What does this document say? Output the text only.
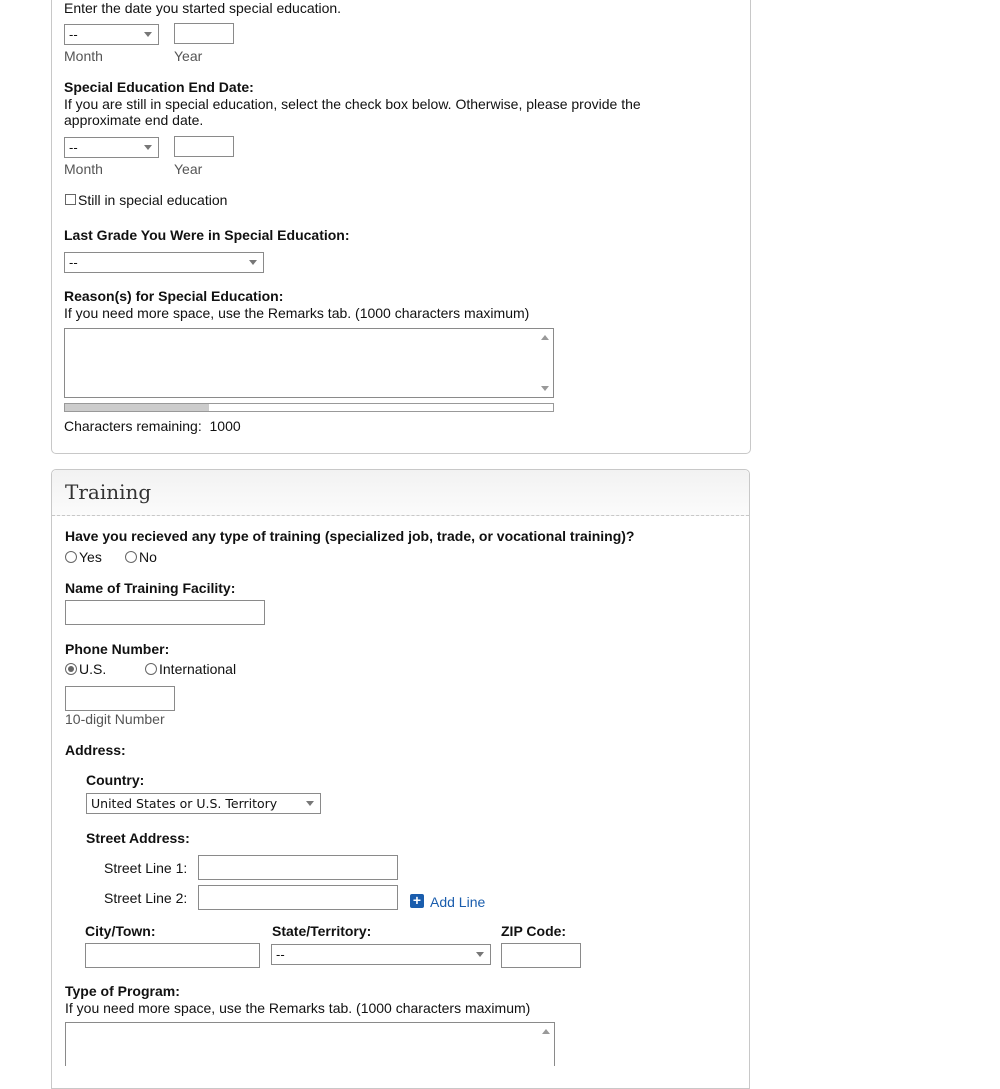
Enter the date you started special education.
--
Month	Year
Special Education End Date:
If you are still in special education, select the check box below. Otherwise, please provide the
approximate end date.
--
Month	Year
Still in special education
Last Grade You Were in Special Education:
--
Reason(s) for Special Education:
If you need more space, use the Remarks tab. (1000 characters maximum)
Characters remaining: 1000
Training
Have you recieved any type of training (specialized job, trade, or vocational training)?
Yes	No
Name of Training Facility:
Phone Number:
U.S.	International
10-digit Number
Address:
Country:
United States or U.S. Territory
Street Address:
Street Line 1:
Street Line 2:	+ Add Line
City/Town:	State/Territory:
--
ZIP Code:
Type of Program:
If you need more space, use the Remarks tab. (1000 characters maximum)
